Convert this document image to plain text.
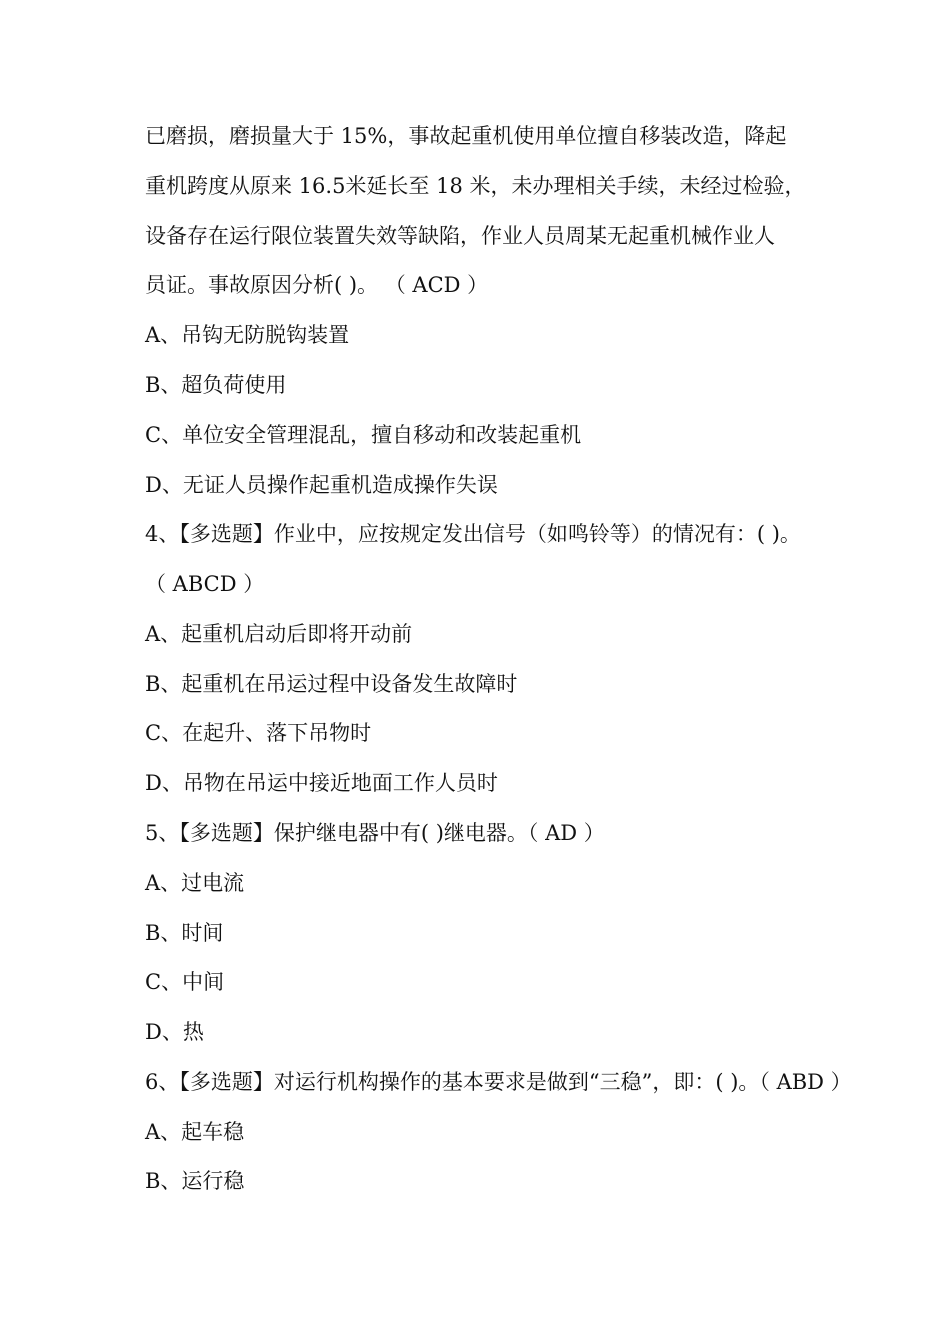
已磨损，磨损量大于 15%，事故起重机使用单位擅自移装改造，降起
重机跨度从原来 16.5米延长至 18 米，未办理相关手续，未经过检验，
设备存在运行限位装置失效等缺陷，作业人员周某无起重机械作业人
员证。事故原因分析( )。 （ ACD ）
A、吊钩无防脱钩装置
B、超负荷使用
C、单位安全管理混乱，擅自移动和改装起重机
D、无证人员操作起重机造成操作失误
4、【多选题】作业中，应按规定发出信号（如鸣铃等）的情况有：( )。
（ ABCD ）
A、起重机启动后即将开动前
B、起重机在吊运过程中设备发生故障时
C、在起升、落下吊物时
D、吊物在吊运中接近地面工作人员时
5、【多选题】保护继电器中有( )继电器。（ AD ）
A、过电流
B、时间
C、中间
D、热
6、【多选题】对运行机构操作的基本要求是做到“三稳”，即：( )。（ ABD ）
A、起车稳
B、运行稳
